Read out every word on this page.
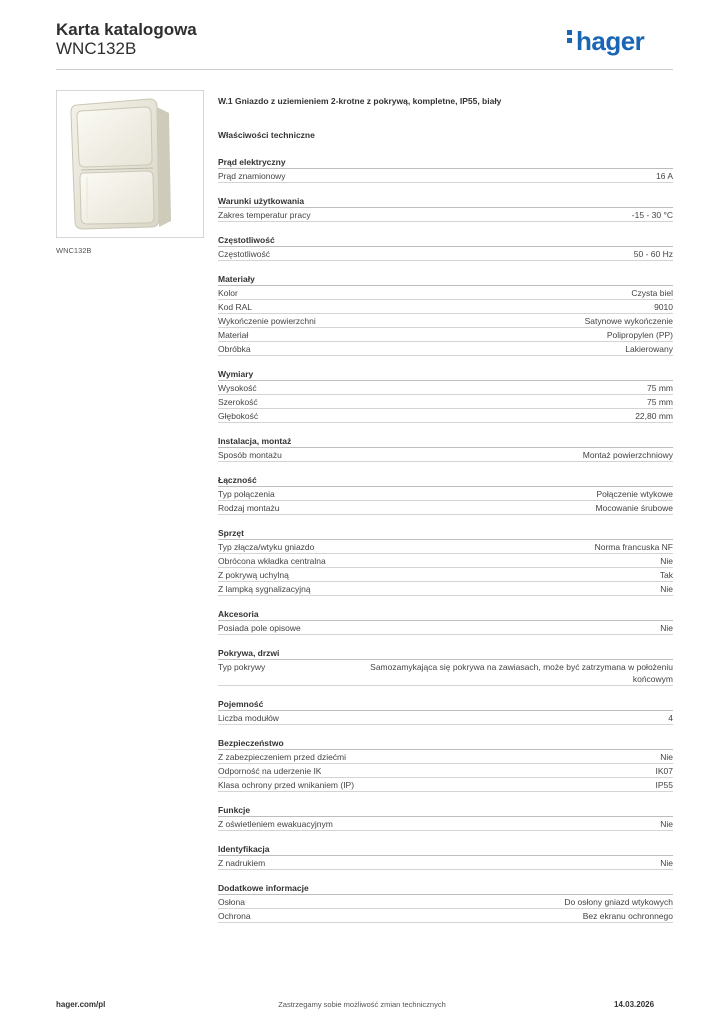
Karta katalogowa
WNC132B	hager
WNC132B
W.1 Gniazdo z uziemieniem 2-krotne z pokrywą, kompletne, IP55, biały
Właściwości techniczne
Prąd elektryczny
Prąd znamionowy	16 A
Warunki użytkowania
Zakres temperatur pracy	-15 - 30 °C
Częstotliwość
Częstotliwość	50 - 60 Hz
Materiały
Kolor	Czysta biel
Kod RAL	9010
Wykończenie powierzchni	Satynowe wykończenie
Materiał	Polipropylen (PP)
Obróbka	Lakierowany
Wymiary
Wysokość	75 mm
Szerokość	75 mm
Głębokość	22,80 mm
Instalacja, montaż
Sposób montażu	Montaż powierzchniowy
Łączność
Typ połączenia	Połączenie wtykowe
Rodzaj montażu	Mocowanie śrubowe
Sprzęt
Typ złącza/wtyku gniazdo	Norma francuska NF
Obrócona wkładka centralna	Nie
Z pokrywą uchylną	Tak
Z lampką sygnalizacyjną	Nie
Akcesoria
Posiada pole opisowe	Nie
Pokrywa, drzwi
Typ pokrywy	Samozamykająca się pokrywa na zawiasach, może być zatrzymana w położeniu końcowym
Pojemność
Liczba modułów	4
Bezpieczeństwo
Z zabezpieczeniem przed dziećmi	Nie
Odporność na uderzenie IK	IK07
Klasa ochrony przed wnikaniem (IP)	IP55
Funkcje
Z oświetleniem ewakuacyjnym	Nie
Identyfikacja
Z nadrukiem	Nie
Dodatkowe informacje
Osłona	Do osłony gniazd wtykowych
Ochrona	Bez ekranu ochronnego
hager.com/pl	Zastrzegamy sobie możliwość zmian technicznych	14.03.2026
